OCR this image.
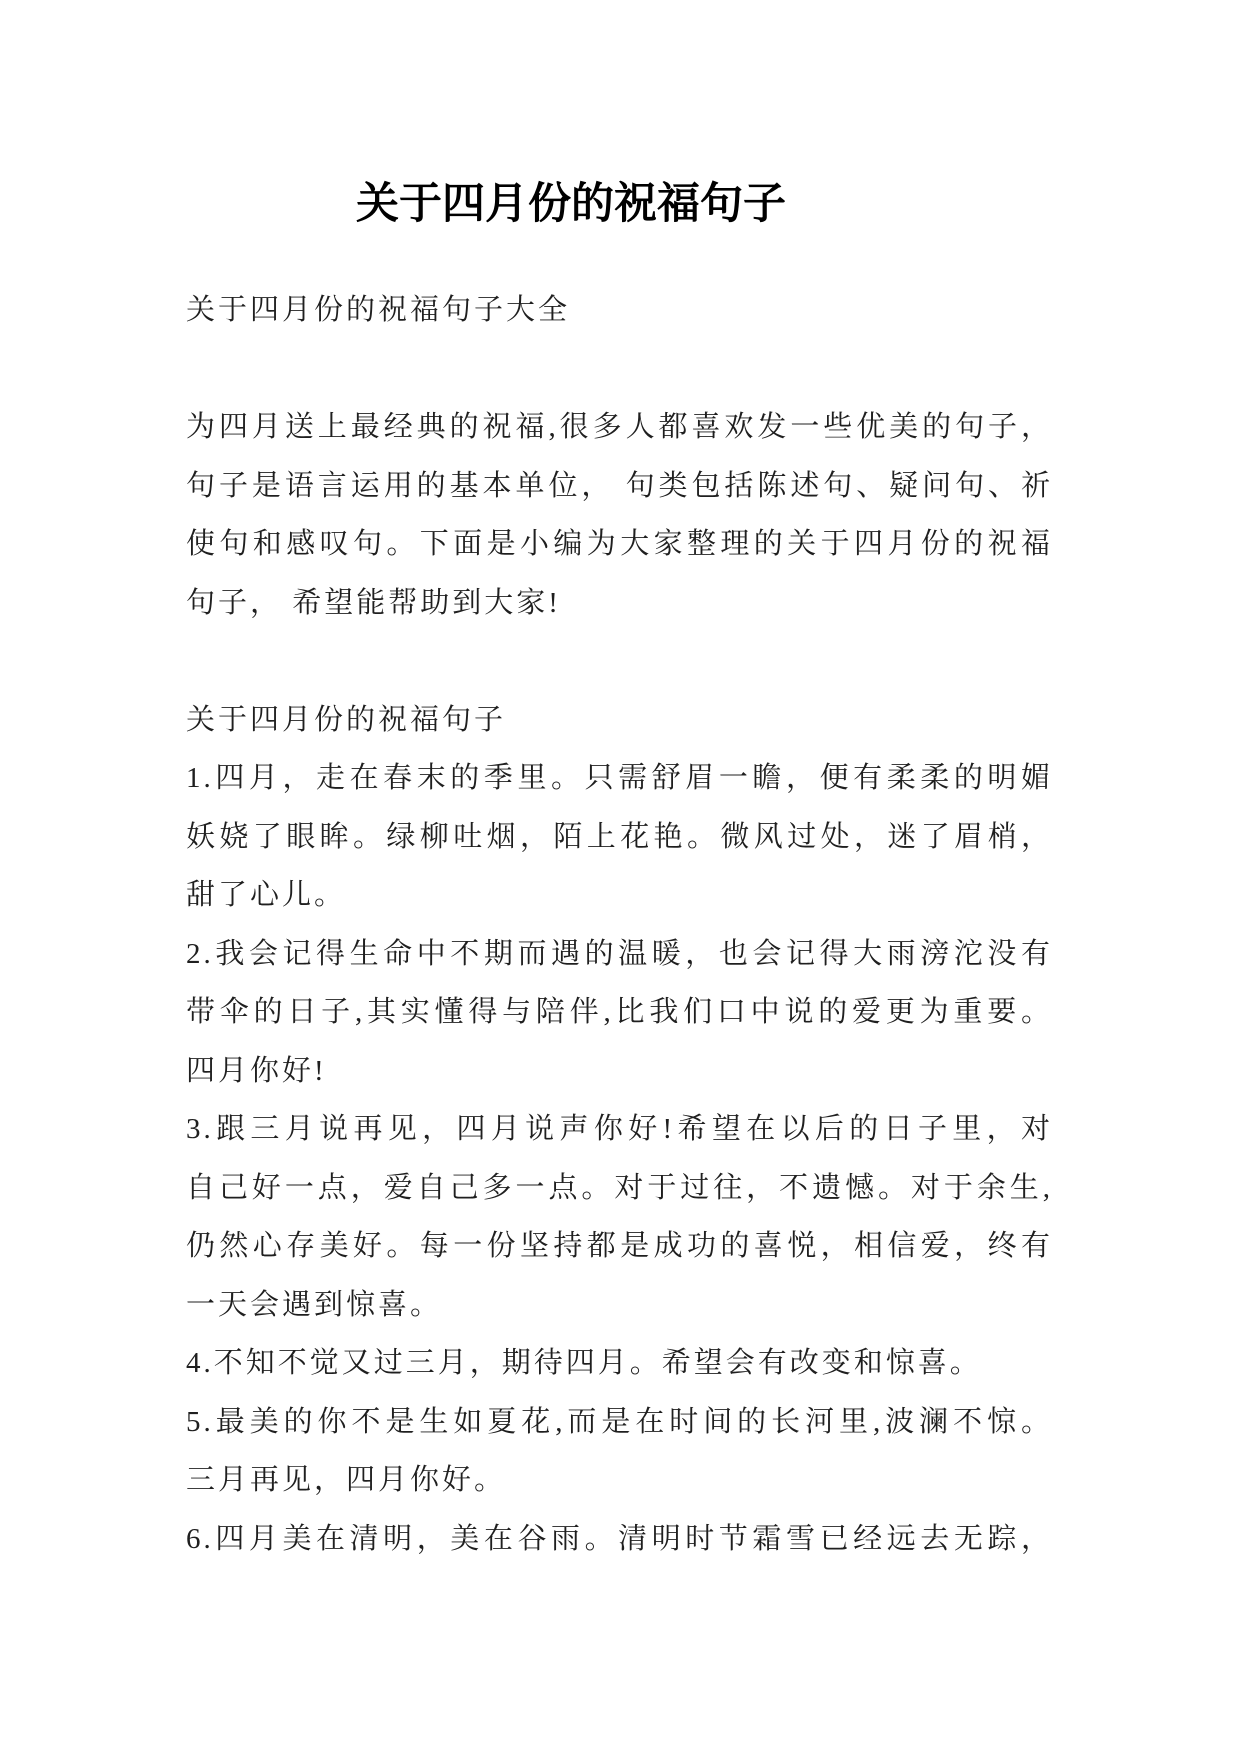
关于四月份的祝福句子
关于四月份的祝福句子大全
为四月送上最经典的祝福,很多人都喜欢发一些优美的句子，
句子是语言运用的基本单位， 句类包括陈述句、疑问句、祈
使句和感叹句。下面是小编为大家整理的关于四月份的祝福
句子， 希望能帮助到大家!
关于四月份的祝福句子
1.四月，走在春末的季里。只需舒眉一瞻，便有柔柔的明媚
妖娆了眼眸。绿柳吐烟，陌上花艳。微风过处，迷了眉梢，
甜了心儿。
2.我会记得生命中不期而遇的温暖，也会记得大雨滂沱没有
带伞的日子,其实懂得与陪伴,比我们口中说的爱更为重要。
四月你好!
3.跟三月说再见，四月说声你好!希望在以后的日子里，对
自己好一点，爱自己多一点。对于过往，不遗憾。对于余生,
仍然心存美好。每一份坚持都是成功的喜悦，相信爱，终有
一天会遇到惊喜。
4.不知不觉又过三月，期待四月。希望会有改变和惊喜。
5.最美的你不是生如夏花,而是在时间的长河里,波澜不惊。
三月再见，四月你好。
6.四月美在清明，美在谷雨。清明时节霜雪已经远去无踪，
